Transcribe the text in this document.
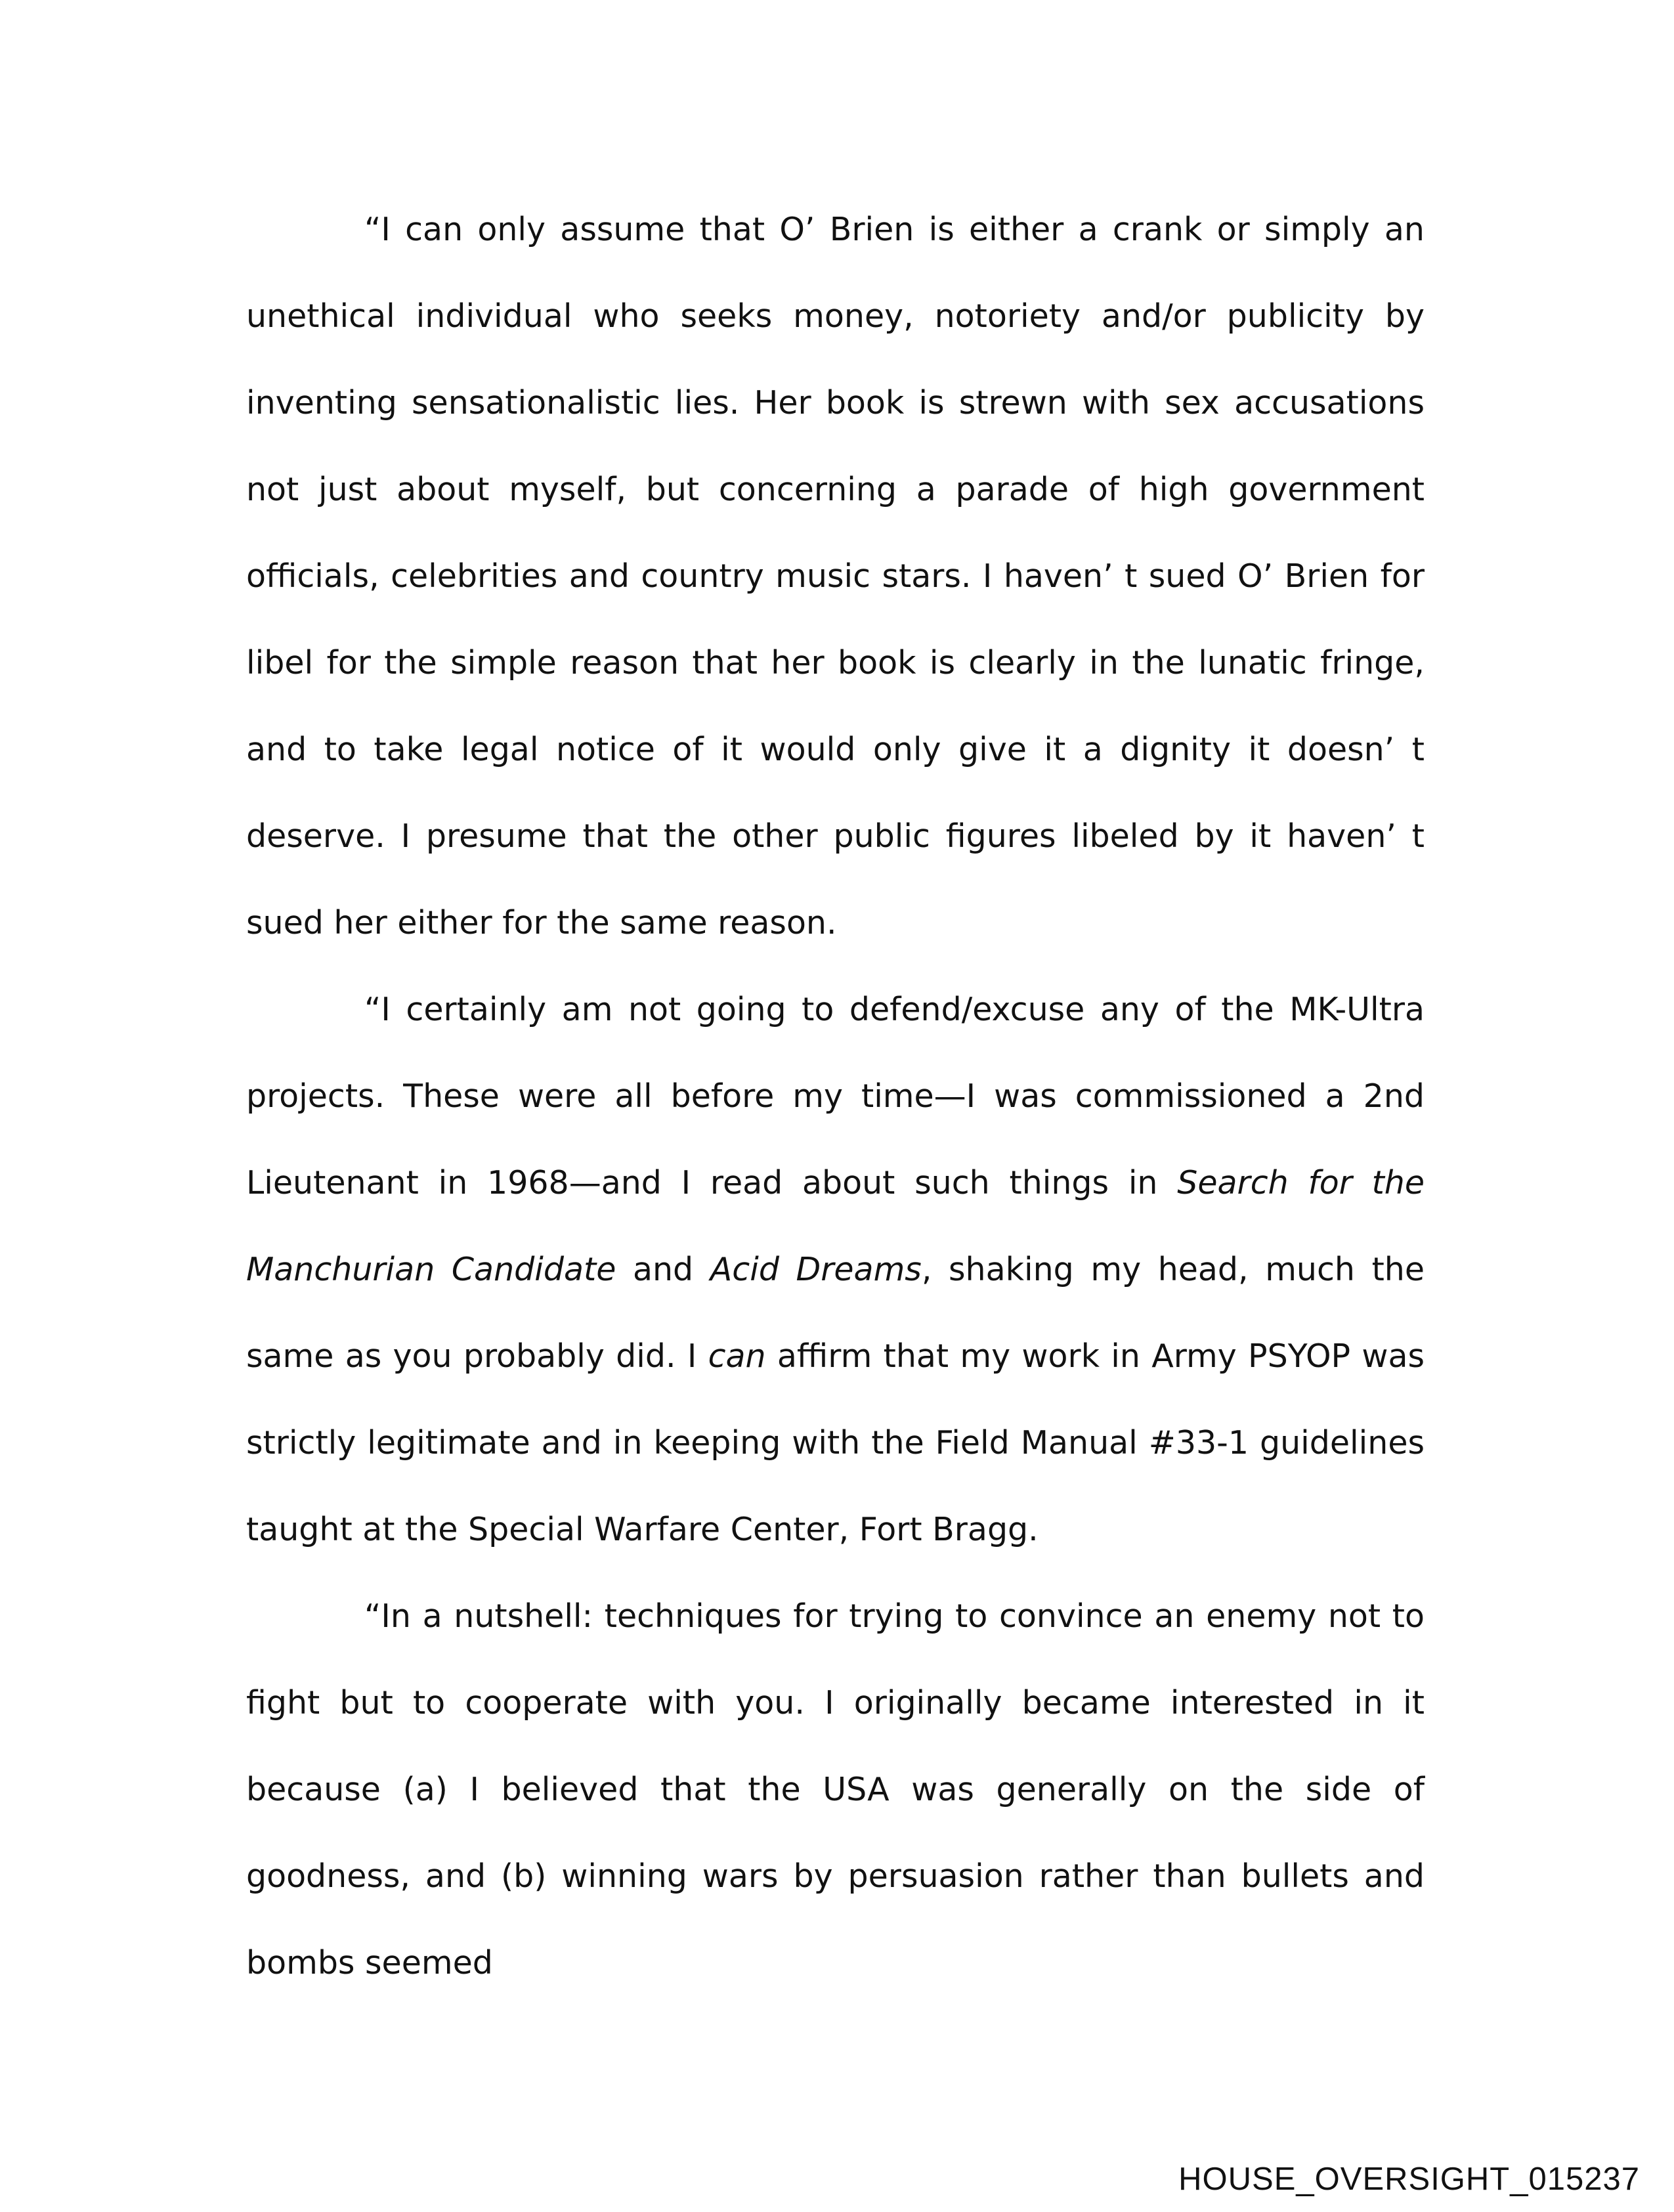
“I can only assume that O’ Brien is either a crank or simply an unethical individual who seeks money, notoriety and/or publicity by inventing sensationalistic lies. Her book is strewn with sex accusations not just about myself, but concerning a parade of high government officials, celebrities and country music stars. I haven’ t sued O’ Brien for libel for the simple reason that her book is clearly in the lunatic fringe, and to take legal notice of it would only give it a dignity it doesn’ t deserve. I presume that the other public figures libeled by it haven’ t sued her either for the same reason.

“I certainly am not going to defend/excuse any of the MK-Ultra projects. These were all before my time—I was commissioned a 2nd Lieutenant in 1968—and I read about such things in Search for the Manchurian Candidate and Acid Dreams, shaking my head, much the same as you probably did. I can affirm that my work in Army PSYOP was strictly legitimate and in keeping with the Field Manual #33-1 guidelines taught at the Special Warfare Center, Fort Bragg.

“In a nutshell: techniques for trying to convince an enemy not to fight but to cooperate with you. I originally became interested in it because (a) I believed that the USA was generally on the side of goodness, and (b) winning wars by persuasion rather than bullets and bombs seemed

HOUSE_OVERSIGHT_015237
